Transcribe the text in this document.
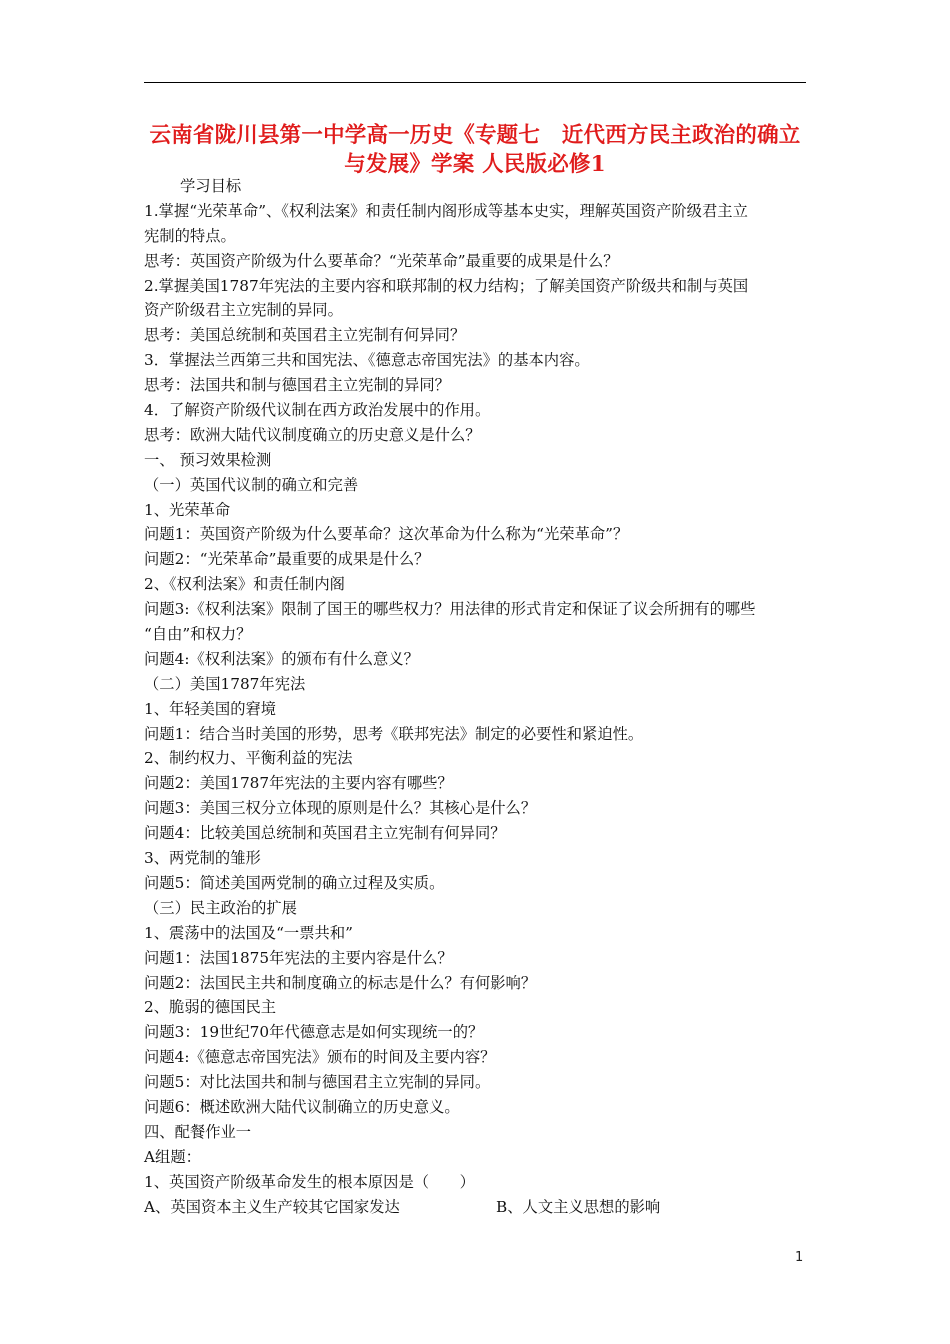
云南省陇川县第一中学高一历史《专题七　近代西方民主政治的确立
与发展》学案 人民版必修1
学习目标
1.掌握“光荣革命”、《权利法案》和责任制内阁形成等基本史实，理解英国资产阶级君主立
宪制的特点。
思考：英国资产阶级为什么要革命？“光荣革命”最重要的成果是什么？
2.掌握美国1787年宪法的主要内容和联邦制的权力结构；了解美国资产阶级共和制与英国
资产阶级君主立宪制的异同。
思考：美国总统制和英国君主立宪制有何异同？
3．掌握法兰西第三共和国宪法、《德意志帝国宪法》的基本内容。
思考：法国共和制与德国君主立宪制的异同？
4．了解资产阶级代议制在西方政治发展中的作用。
思考：欧洲大陆代议制度确立的历史意义是什么？
一、 预习效果检测
（一）英国代议制的确立和完善
1、光荣革命
问题1：英国资产阶级为什么要革命？这次革命为什么称为“光荣革命”？
问题2：“光荣革命”最重要的成果是什么？
2、《权利法案》和责任制内阁
问题3:《权利法案》限制了国王的哪些权力？用法律的形式肯定和保证了议会所拥有的哪些
“自由”和权力？
问题4:《权利法案》的颁布有什么意义？
（二）美国1787年宪法
1、年轻美国的窘境
问题1：结合当时美国的形势，思考《联邦宪法》制定的必要性和紧迫性。
2、制约权力、平衡利益的宪法
问题2：美国1787年宪法的主要内容有哪些？
问题3：美国三权分立体现的原则是什么？其核心是什么？
问题4：比较美国总统制和英国君主立宪制有何异同？
3、两党制的雏形
问题5：简述美国两党制的确立过程及实质。
（三）民主政治的扩展
1、震荡中的法国及“一票共和”
问题1：法国1875年宪法的主要内容是什么？
问题2：法国民主共和制度确立的标志是什么？有何影响？
2、脆弱的德国民主
问题3：19世纪70年代德意志是如何实现统一的？
问题4:《德意志帝国宪法》颁布的时间及主要内容？
问题5：对比法国共和制与德国君主立宪制的异同。
问题6：概述欧洲大陆代议制确立的历史意义。
四、配餐作业一
A组题：
1、英国资产阶级革命发生的根本原因是（　　）
A、英国资本主义生产较其它国家发达	B、人文主义思想的影响
1
